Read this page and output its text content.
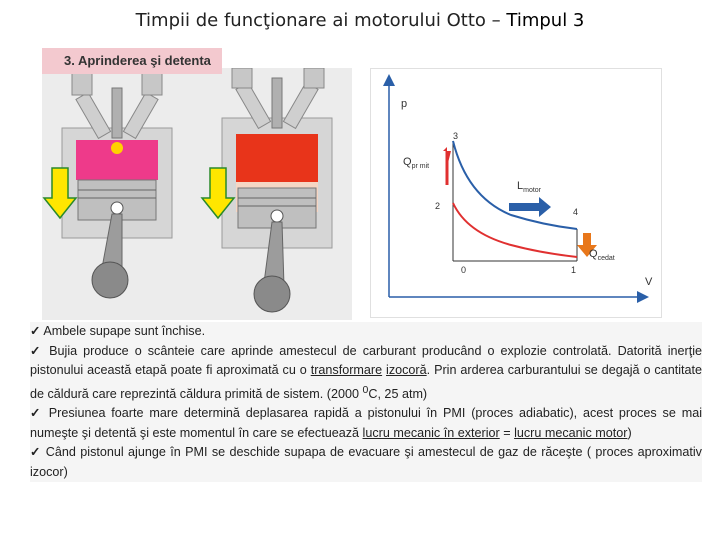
Timpii de funcţionare ai motorului Otto – Timpul 3
3. Aprinderea şi detenta
p
V
3
2
4
0	1
$Q_{pr mit}$
$L_{motor}$
$Q_{cedat}$

✓ Ambele supape sunt închise.

✓ Bujia produce o scânteie care aprinde amestecul de carburant producând o explozie controlată. Datorită inerţie pistonului această etapă poate fi aproximată cu o transformare izocoră. Prin arderea carburantului se degajă o cantitate de căldură care reprezintă căldura primită de sistem. (2000 $^0$C, 25 atm)

✓ Presiunea foarte mare determină deplasarea rapidă a pistonului în PMI (proces adiabatic), acest proces se mai numeşte şi detentă şi este momentul în care se efectuează lucru mecanic în exterior = lucru mecanic motor)

✓ Când pistonul ajunge în PMI se deschide supapa de evacuare şi amestecul de gaz de răceşte ( proces aproximativ izocor)
